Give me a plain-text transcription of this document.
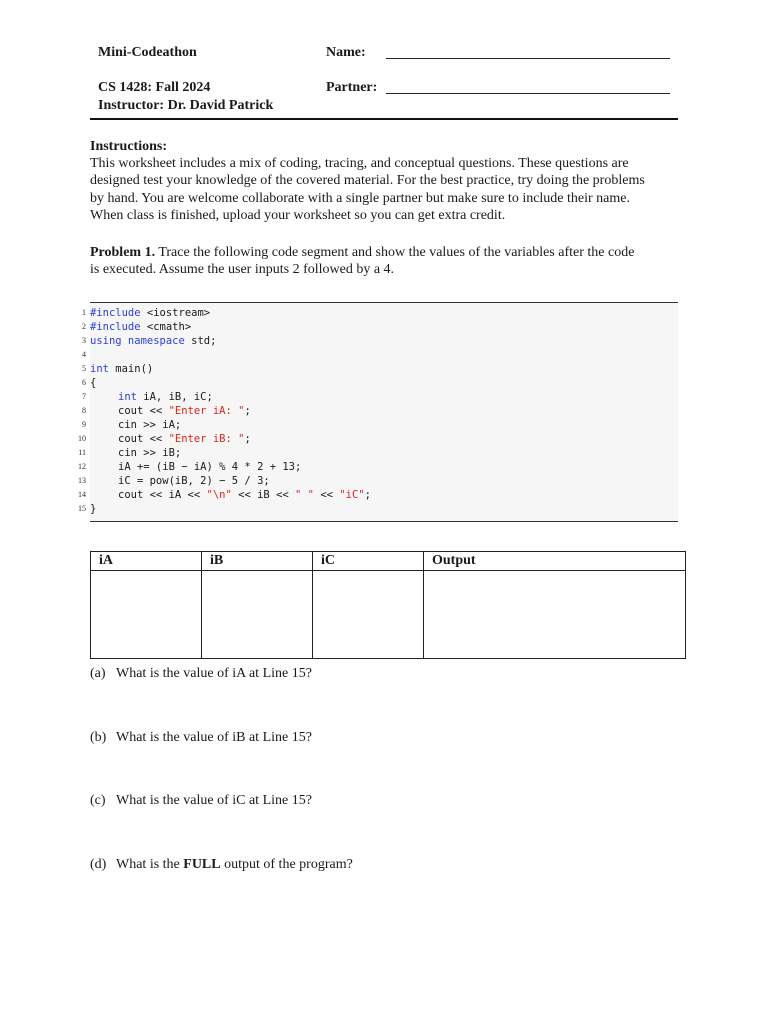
Mini-Codeathon	Name:
CS 1428: Fall 2024	Partner:
Instructor: Dr. David Patrick
Instructions:
This worksheet includes a mix of coding, tracing, and conceptual questions. These questions are
designed test your knowledge of the covered material. For the best practice, try doing the problems
by hand. You are welcome collaborate with a single partner but make sure to include their name.
When class is finished, upload your worksheet so you can get extra credit.
Problem 1. Trace the following code segment and show the values of the variables after the code
is executed. Assume the user inputs 2 followed by a 4.
1 #include <iostream>
2 #include <cmath>
3 using namespace std;
4
5 int main()
6 {
7	int iA, iB, iC;
8	cout << "Enter iA: ";
9	cin >> iA;
10	cout << "Enter iB: ";
11	cin >> iB;
12	iA += (iB − iA) % 4 * 2 + 13;
13	iC = pow(iB, 2) − 5 / 3;
14	cout << iA << "\n" << iB << " " << "iC";
15 }
iA	iB	iC	Output

(a) What is the value of iA at Line 15?
(b) What is the value of iB at Line 15?
(c) What is the value of iC at Line 15?
(d) What is the FULL output of the program?
